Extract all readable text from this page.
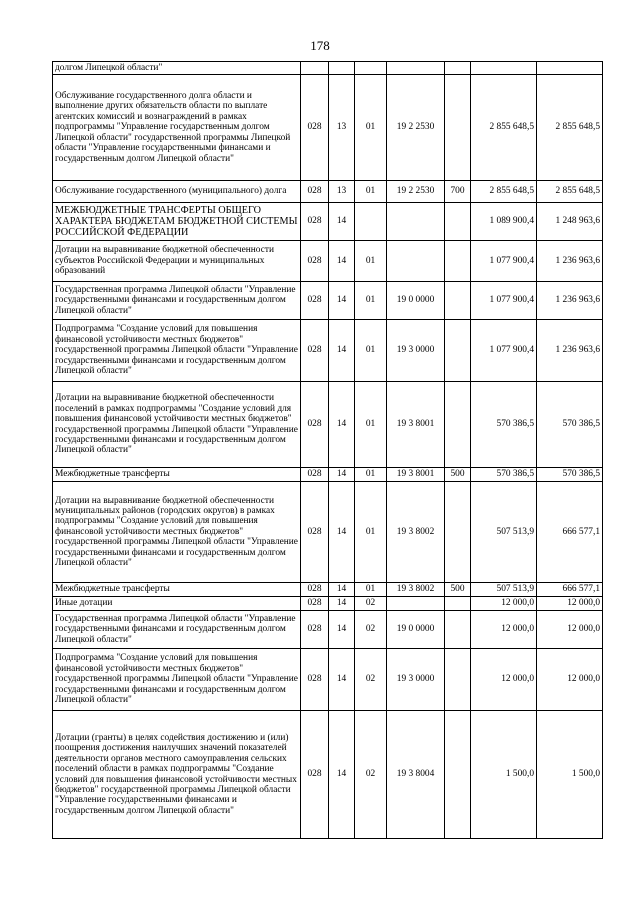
178
долгом Липецкой области"							
Обслуживание государственного долга области и выполнение других обязательств области по выплате агентских комиссий и вознаграждений в рамках подпрограммы "Управление государственным долгом Липецкой области" государственной программы Липецкой области "Управление государственными финансами и государственным долгом Липецкой области"	028	13	01	19 2 2530		2 855 648,5	2 855 648,5
Обслуживание государственного (муниципального) долга	028	13	01	19 2 2530	700	2 855 648,5	2 855 648,5
МЕЖБЮДЖЕТНЫЕ ТРАНСФЕРТЫ ОБЩЕГО ХАРАКТЕРА БЮДЖЕТАМ БЮДЖЕТНОЙ СИСТЕМЫ РОССИЙСКОЙ ФЕДЕРАЦИИ	028	14				1 089 900,4	1 248 963,6
Дотации на выравнивание бюджетной обеспеченности субъектов Российской Федерации и муниципальных образований	028	14	01			1 077 900,4	1 236 963,6
Государственная программа Липецкой области "Управление государственными финансами и государственным долгом Липецкой области"	028	14	01	19 0 0000		1 077 900,4	1 236 963,6
Подпрограмма "Создание условий для повышения финансовой устойчивости местных бюджетов" государственной программы Липецкой области "Управление государственными финансами и государственным долгом Липецкой области"	028	14	01	19 3 0000		1 077 900,4	1 236 963,6
Дотации на выравнивание бюджетной обеспеченности поселений в рамках подпрограммы "Создание условий для повышения финансовой устойчивости местных бюджетов" государственной программы Липецкой области "Управление государственными финансами и государственным долгом Липецкой области"	028	14	01	19 3 8001		570 386,5	570 386,5
Межбюджетные трансферты	028	14	01	19 3 8001	500	570 386,5	570 386,5
Дотации на выравнивание бюджетной обеспеченности муниципальных районов (городских округов) в рамках подпрограммы "Создание условий для повышения финансовой устойчивости местных бюджетов" государственной программы Липецкой области "Управление государственными финансами и государственным долгом Липецкой области"	028	14	01	19 3 8002		507 513,9	666 577,1
Межбюджетные трансферты	028	14	01	19 3 8002	500	507 513,9	666 577,1
Иные дотации	028	14	02			12 000,0	12 000,0
Государственная программа Липецкой области "Управление государственными финансами и государственным долгом Липецкой области"	028	14	02	19 0 0000		12 000,0	12 000,0
Подпрограмма "Создание условий для повышения финансовой устойчивости местных бюджетов" государственной программы Липецкой области "Управление государственными финансами и государственным долгом Липецкой области"	028	14	02	19 3 0000		12 000,0	12 000,0
Дотации (гранты) в целях содействия достижению и (или) поощрения достижения наилучших значений показателей деятельности органов местного самоуправления сельских поселений области в рамках подпрограммы "Создание условий для повышения финансовой устойчивости местных бюджетов" государственной программы Липецкой области "Управление государственными финансами и государственным долгом Липецкой области"	028	14	02	19 3 8004		1 500,0	1 500,0
